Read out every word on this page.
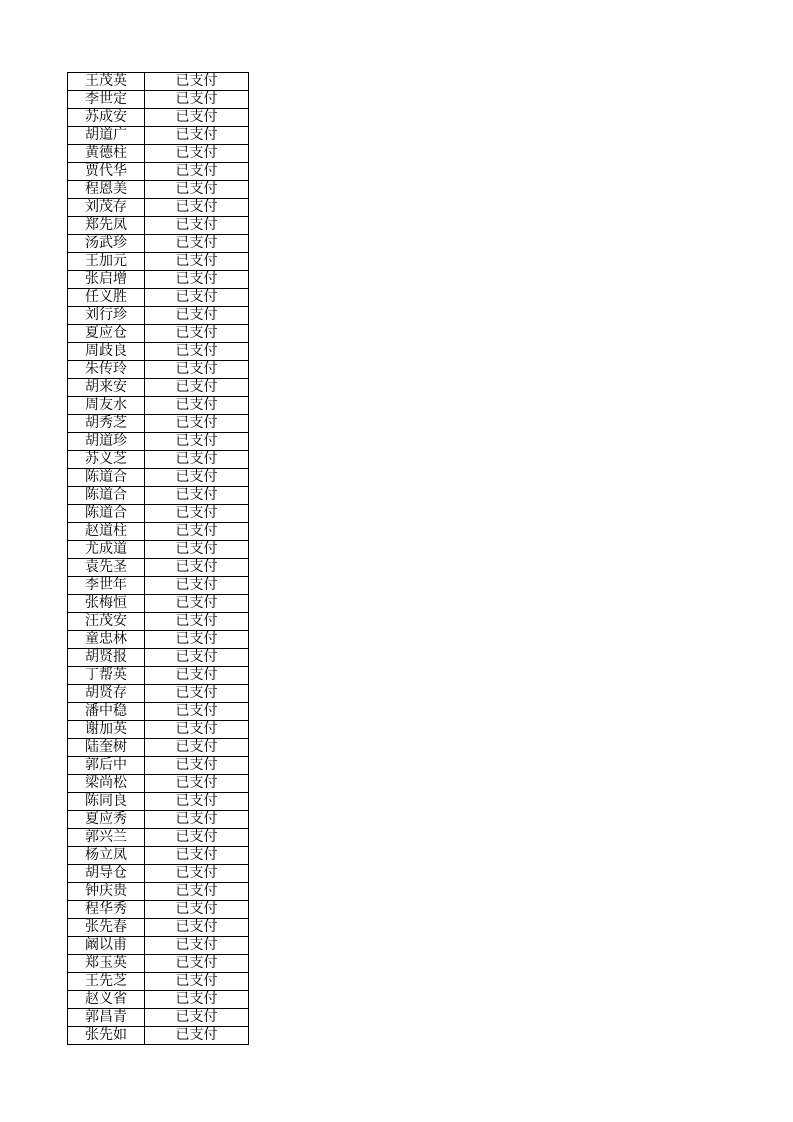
王茂英	已支付
李世定	已支付
苏成安	已支付
胡道广	已支付
黄德柱	已支付
贾代华	已支付
程恩美	已支付
刘茂存	已支付
郑先凤	已支付
汤武珍	已支付
王加元	已支付
张启增	已支付
任义胜	已支付
刘行珍	已支付
夏应仓	已支付
周歧良	已支付
朱传玲	已支付
胡来安	已支付
周友水	已支付
胡秀芝	已支付
胡道珍	已支付
苏义芝	已支付
陈道合	已支付
陈道合	已支付
陈道合	已支付
赵道柱	已支付
尤成道	已支付
袁先圣	已支付
李世年	已支付
张梅恒	已支付
汪茂安	已支付
童忠林	已支付
胡贤报	已支付
丁帮英	已支付
胡贤存	已支付
潘中稳	已支付
谢加英	已支付
陆奎树	已支付
郭后中	已支付
梁尚松	已支付
陈同良	已支付
夏应秀	已支付
郭兴兰	已支付
杨立凤	已支付
胡导仓	已支付
钟庆贵	已支付
程华秀	已支付
张先春	已支付
阚以甫	已支付
郑玉英	已支付
王先芝	已支付
赵义省	已支付
郭昌青	已支付
张先如	已支付
